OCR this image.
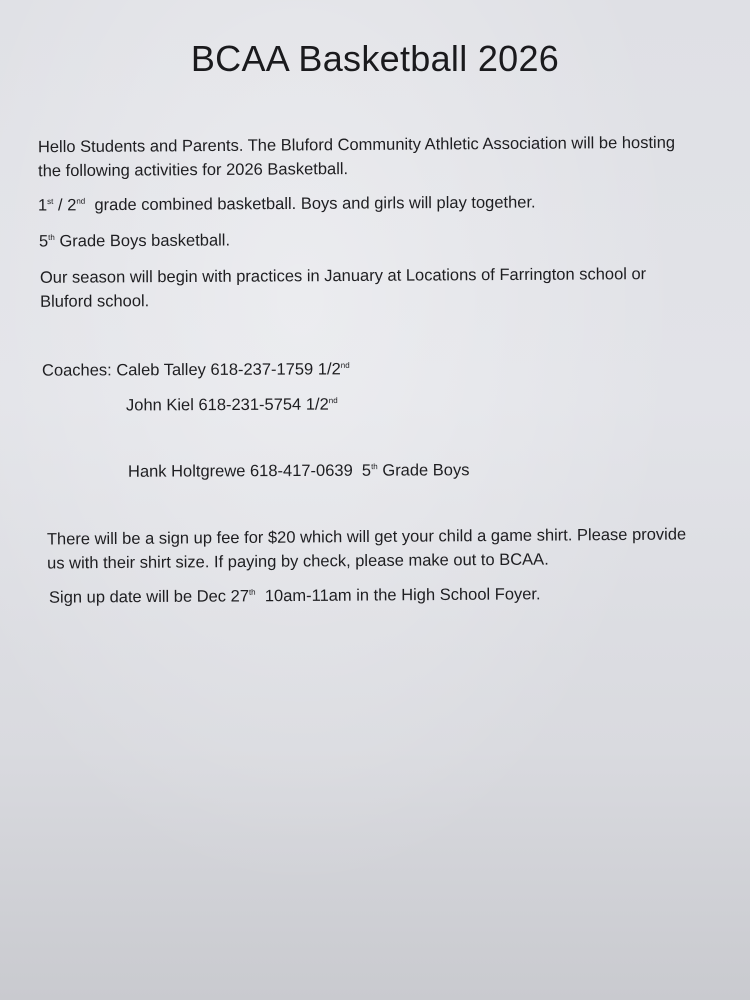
BCAA Basketball 2026

Hello Students and Parents. The Bluford Community Athletic Association will be hosting
the following activities for 2026 Basketball.

1st / 2nd  grade combined basketball. Boys and girls will play together.

5th Grade Boys basketball.

Our season will begin with practices in January at Locations of Farrington school or
Bluford school.

Coaches: Caleb Talley 618-237-1759 1/2nd

John Kiel 618-231-5754 1/2nd

Hank Holtgrewe 618-417-0639  5th Grade Boys

There will be a sign up fee for $20 which will get your child a game shirt. Please provide
us with their shirt size. If paying by check, please make out to BCAA.

Sign up date will be Dec 27th  10am-11am in the High School Foyer.
